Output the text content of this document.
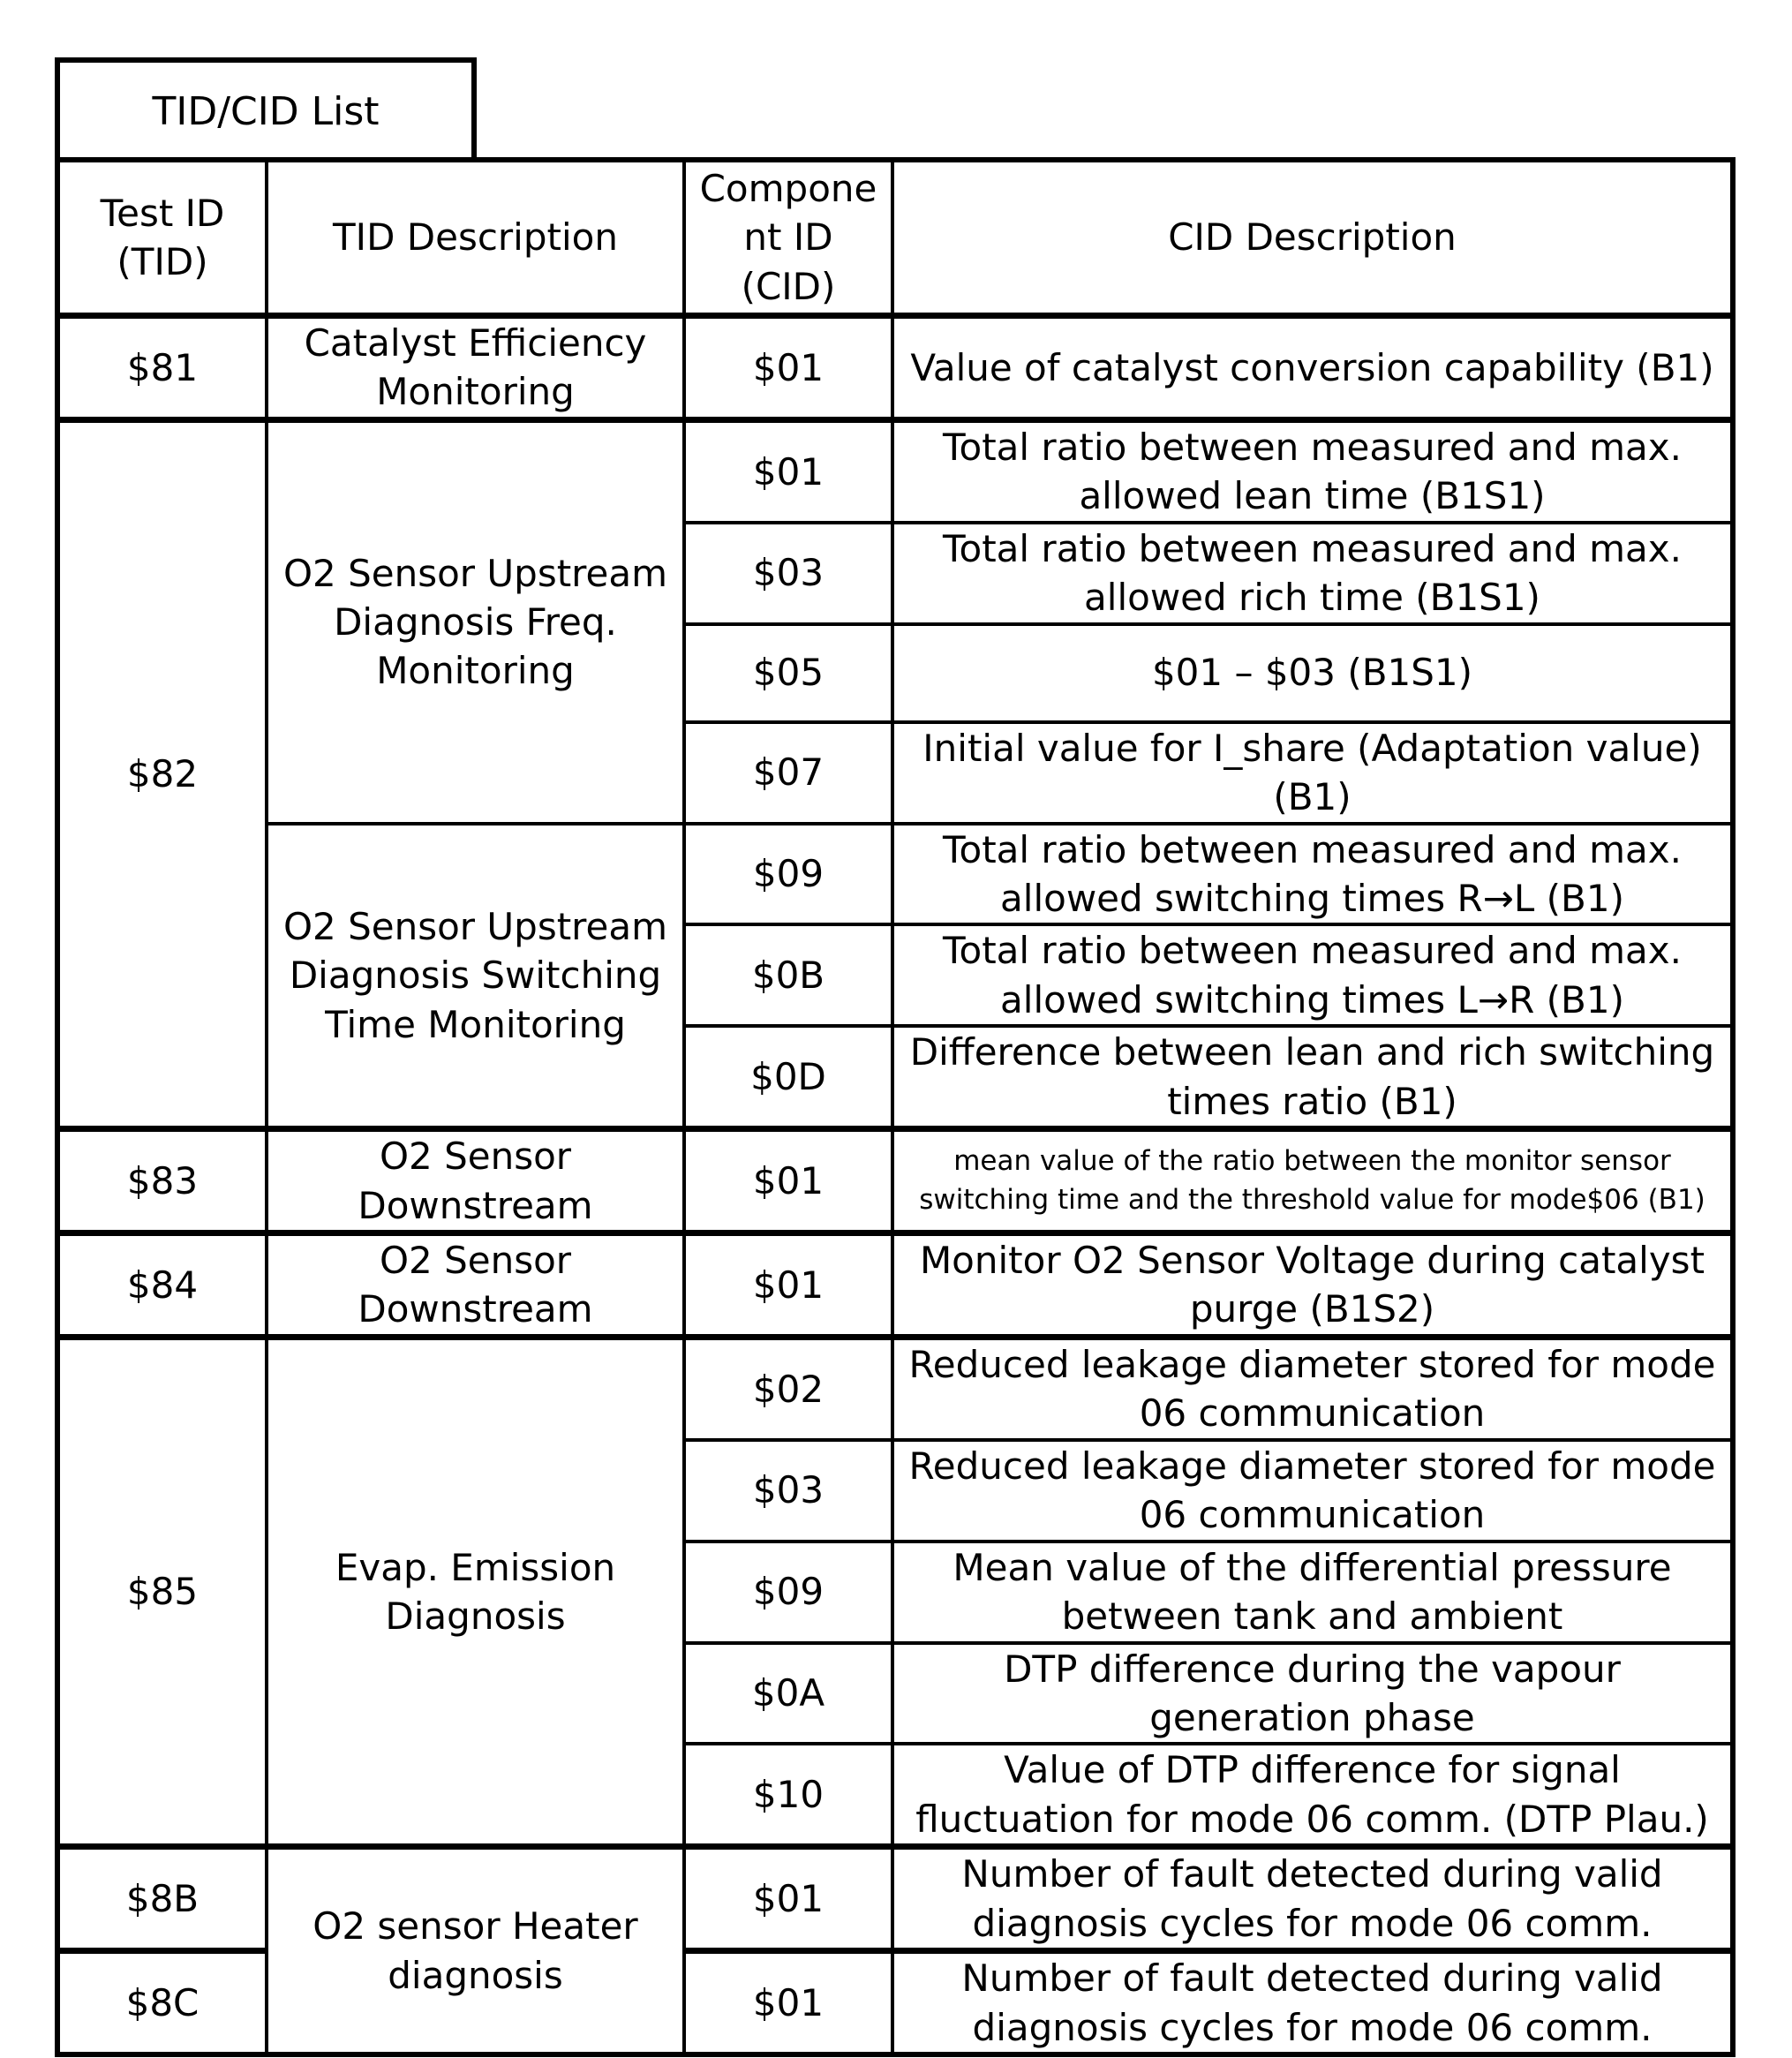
TID/CID List
Test ID (TID)	TID Description	Compone nt ID (CID)	CID Description
$81	Catalyst Efficiency Monitoring	$01	Value of catalyst conversion capability (B1)
$82	O2 Sensor Upstream Diagnosis Freq. Monitoring	$01	Total ratio between measured and max. allowed lean time (B1S1)
		$03	Total ratio between measured and max. allowed rich time (B1S1)
		$05	$01 – $03 (B1S1)
		$07	Initial value for I_share (Adaptation value) (B1)
	O2 Sensor Upstream Diagnosis Switching Time Monitoring	$09	Total ratio between measured and max. allowed switching times R→L (B1)
		$0B	Total ratio between measured and max. allowed switching times L→R (B1)
		$0D	Difference between lean and rich switching times ratio (B1)
$83	O2 Sensor Downstream	$01	mean value of the ratio between the monitor sensor switching time and the threshold value for mode$06 (B1)
$84	O2 Sensor Downstream	$01	Monitor O2 Sensor Voltage during catalyst purge (B1S2)
$85	Evap. Emission Diagnosis	$02	Reduced leakage diameter stored for mode 06 communication
		$03	Reduced leakage diameter stored for mode 06 communication
		$09	Mean value of the differential pressure between tank and ambient
		$0A	DTP difference during the vapour generation phase
		$10	Value of DTP difference for signal fluctuation for mode 06 comm. (DTP Plau.)
$8B	O2 sensor Heater diagnosis	$01	Number of fault detected during valid diagnosis cycles for mode 06 comm.
$8C		$01	Number of fault detected during valid diagnosis cycles for mode 06 comm.
